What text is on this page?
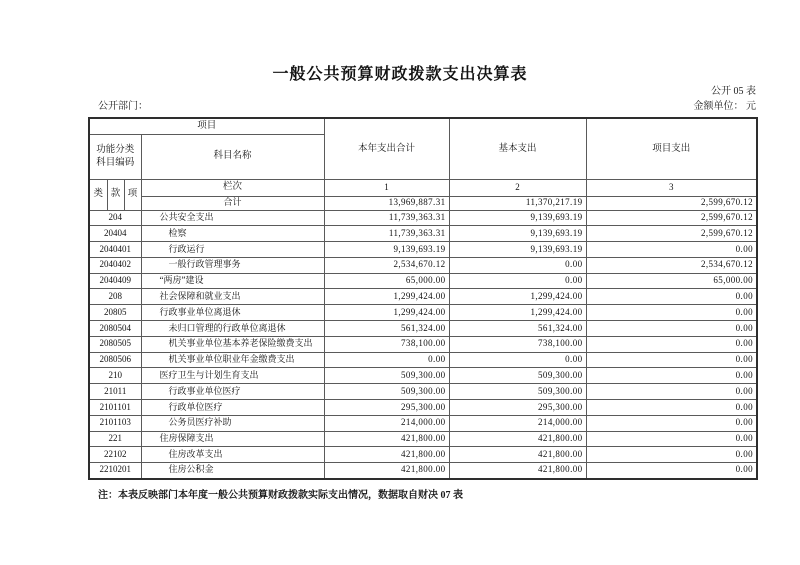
一般公共预算财政拨款支出决算表
公开 05 表
公开部门：	金额单位： 元
项目				本年支出合计	基本支出	项目支出
功能分类科目编码			科目名称			
类	款	项	栏次	1	2	3
			合计	13,969,887.31	11,370,217.19	2,599,670.12
204			公共安全支出	11,739,363.31	9,139,693.19	2,599,670.12
20404			检察	11,739,363.31	9,139,693.19	2,599,670.12
2040401			行政运行	9,139,693.19	9,139,693.19	0.00
2040402			一般行政管理事务	2,534,670.12	0.00	2,534,670.12
2040409			“两房”建设	65,000.00	0.00	65,000.00
208			社会保障和就业支出	1,299,424.00	1,299,424.00	0.00
20805			行政事业单位离退休	1,299,424.00	1,299,424.00	0.00
2080504			未归口管理的行政单位离退休	561,324.00	561,324.00	0.00
2080505			机关事业单位基本养老保险缴费支出	738,100.00	738,100.00	0.00
2080506			机关事业单位职业年金缴费支出	0.00	0.00	0.00
210			医疗卫生与计划生育支出	509,300.00	509,300.00	0.00
21011			行政事业单位医疗	509,300.00	509,300.00	0.00
2101101			行政单位医疗	295,300.00	295,300.00	0.00
2101103			公务员医疗补助	214,000.00	214,000.00	0.00
221			住房保障支出	421,800.00	421,800.00	0.00
22102			住房改革支出	421,800.00	421,800.00	0.00
2210201			住房公积金	421,800.00	421,800.00	0.00
注：本表反映部门本年度一般公共预算财政拨款实际支出情况，数据取自财决 07 表
